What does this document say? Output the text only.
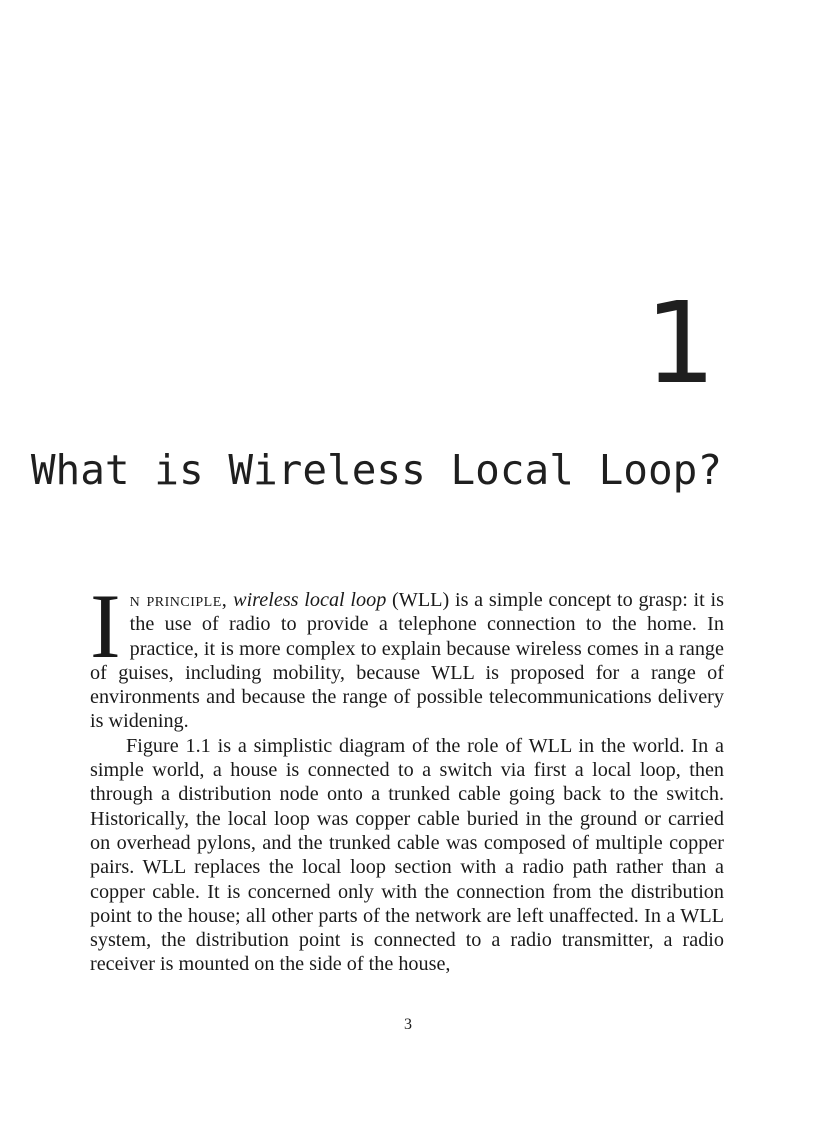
1
What is Wireless Local Loop?

In principle, wireless local loop (WLL) is a simple concept to grasp: it is the use of radio to provide a telephone connection to the home. In practice, it is more complex to explain because wireless comes in a range of guises, including mobility, because WLL is proposed for a range of environments and because the range of possible telecommunications delivery is widening.

Figure 1.1 is a simplistic diagram of the role of WLL in the world. In a simple world, a house is connected to a switch via first a local loop, then through a distribution node onto a trunked cable going back to the switch. Historically, the local loop was copper cable buried in the ground or carried on overhead pylons, and the trunked cable was composed of multiple copper pairs. WLL replaces the local loop section with a radio path rather than a copper cable. It is concerned only with the connection from the distribution point to the house; all other parts of the network are left unaffected. In a WLL system, the distribution point is connected to a radio transmitter, a radio receiver is mounted on the side of the house,

3
